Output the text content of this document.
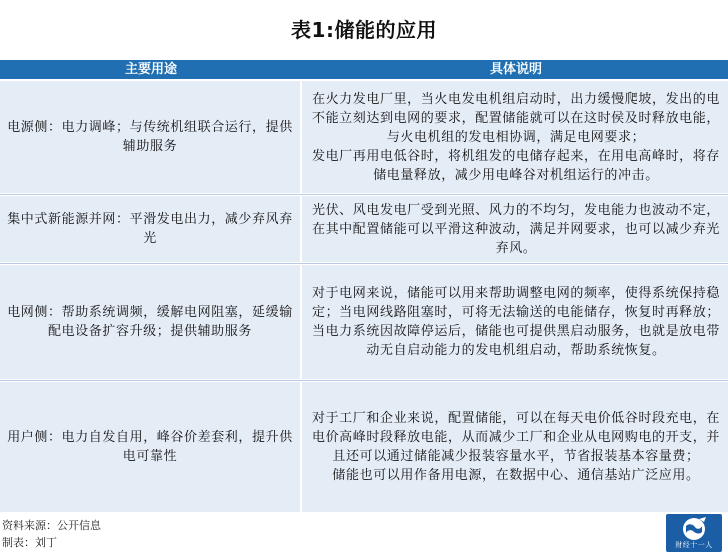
表1:储能的应用
主要用途	具体说明
电源侧：电力调峰；与传统机组联合运行，提供辅助服务

在火力发电厂里，当火电发电机组启动时，出力缓慢爬坡，发出的电不能立刻达到电网的要求，配置储能就可以在这时侯及时释放电能，与火电机组的发电相协调，满足电网要求；

发电厂再用电低谷时，将机组发的电储存起来，在用电高峰时，将存储电量释放，减少用电峰谷对机组运行的冲击。

集中式新能源并网：平滑发电出力，减少弃风弃光

光伏、风电发电厂受到光照、风力的不均匀，发电能力也波动不定，在其中配置储能可以平滑这种波动，满足并网要求，也可以减少弃光弃风。

电网侧：帮助系统调频，缓解电网阻塞，延缓输配电设备扩容升级；提供辅助服务

对于电网来说，储能可以用来帮助调整电网的频率，使得系统保持稳定；当电网线路阻塞时，可将无法输送的电能储存，恢复时再释放；

当电力系统因故障停运后，储能也可提供黑启动服务，也就是放电带动无自启动能力的发电机组启动，帮助系统恢复。

用户侧：电力自发自用，峰谷价差套利，提升供电可靠性

对于工厂和企业来说，配置储能，可以在每天电价低谷时段充电，在电价高峰时段释放电能，从而减少工厂和企业从电网购电的开支，并且还可以通过储能减少报装容量水平，节省报装基本容量费；

储能也可以用作备用电源，在数据中心、通信基站广泛应用。

资料来源：公开信息
制表：刘丁	财经十一人
